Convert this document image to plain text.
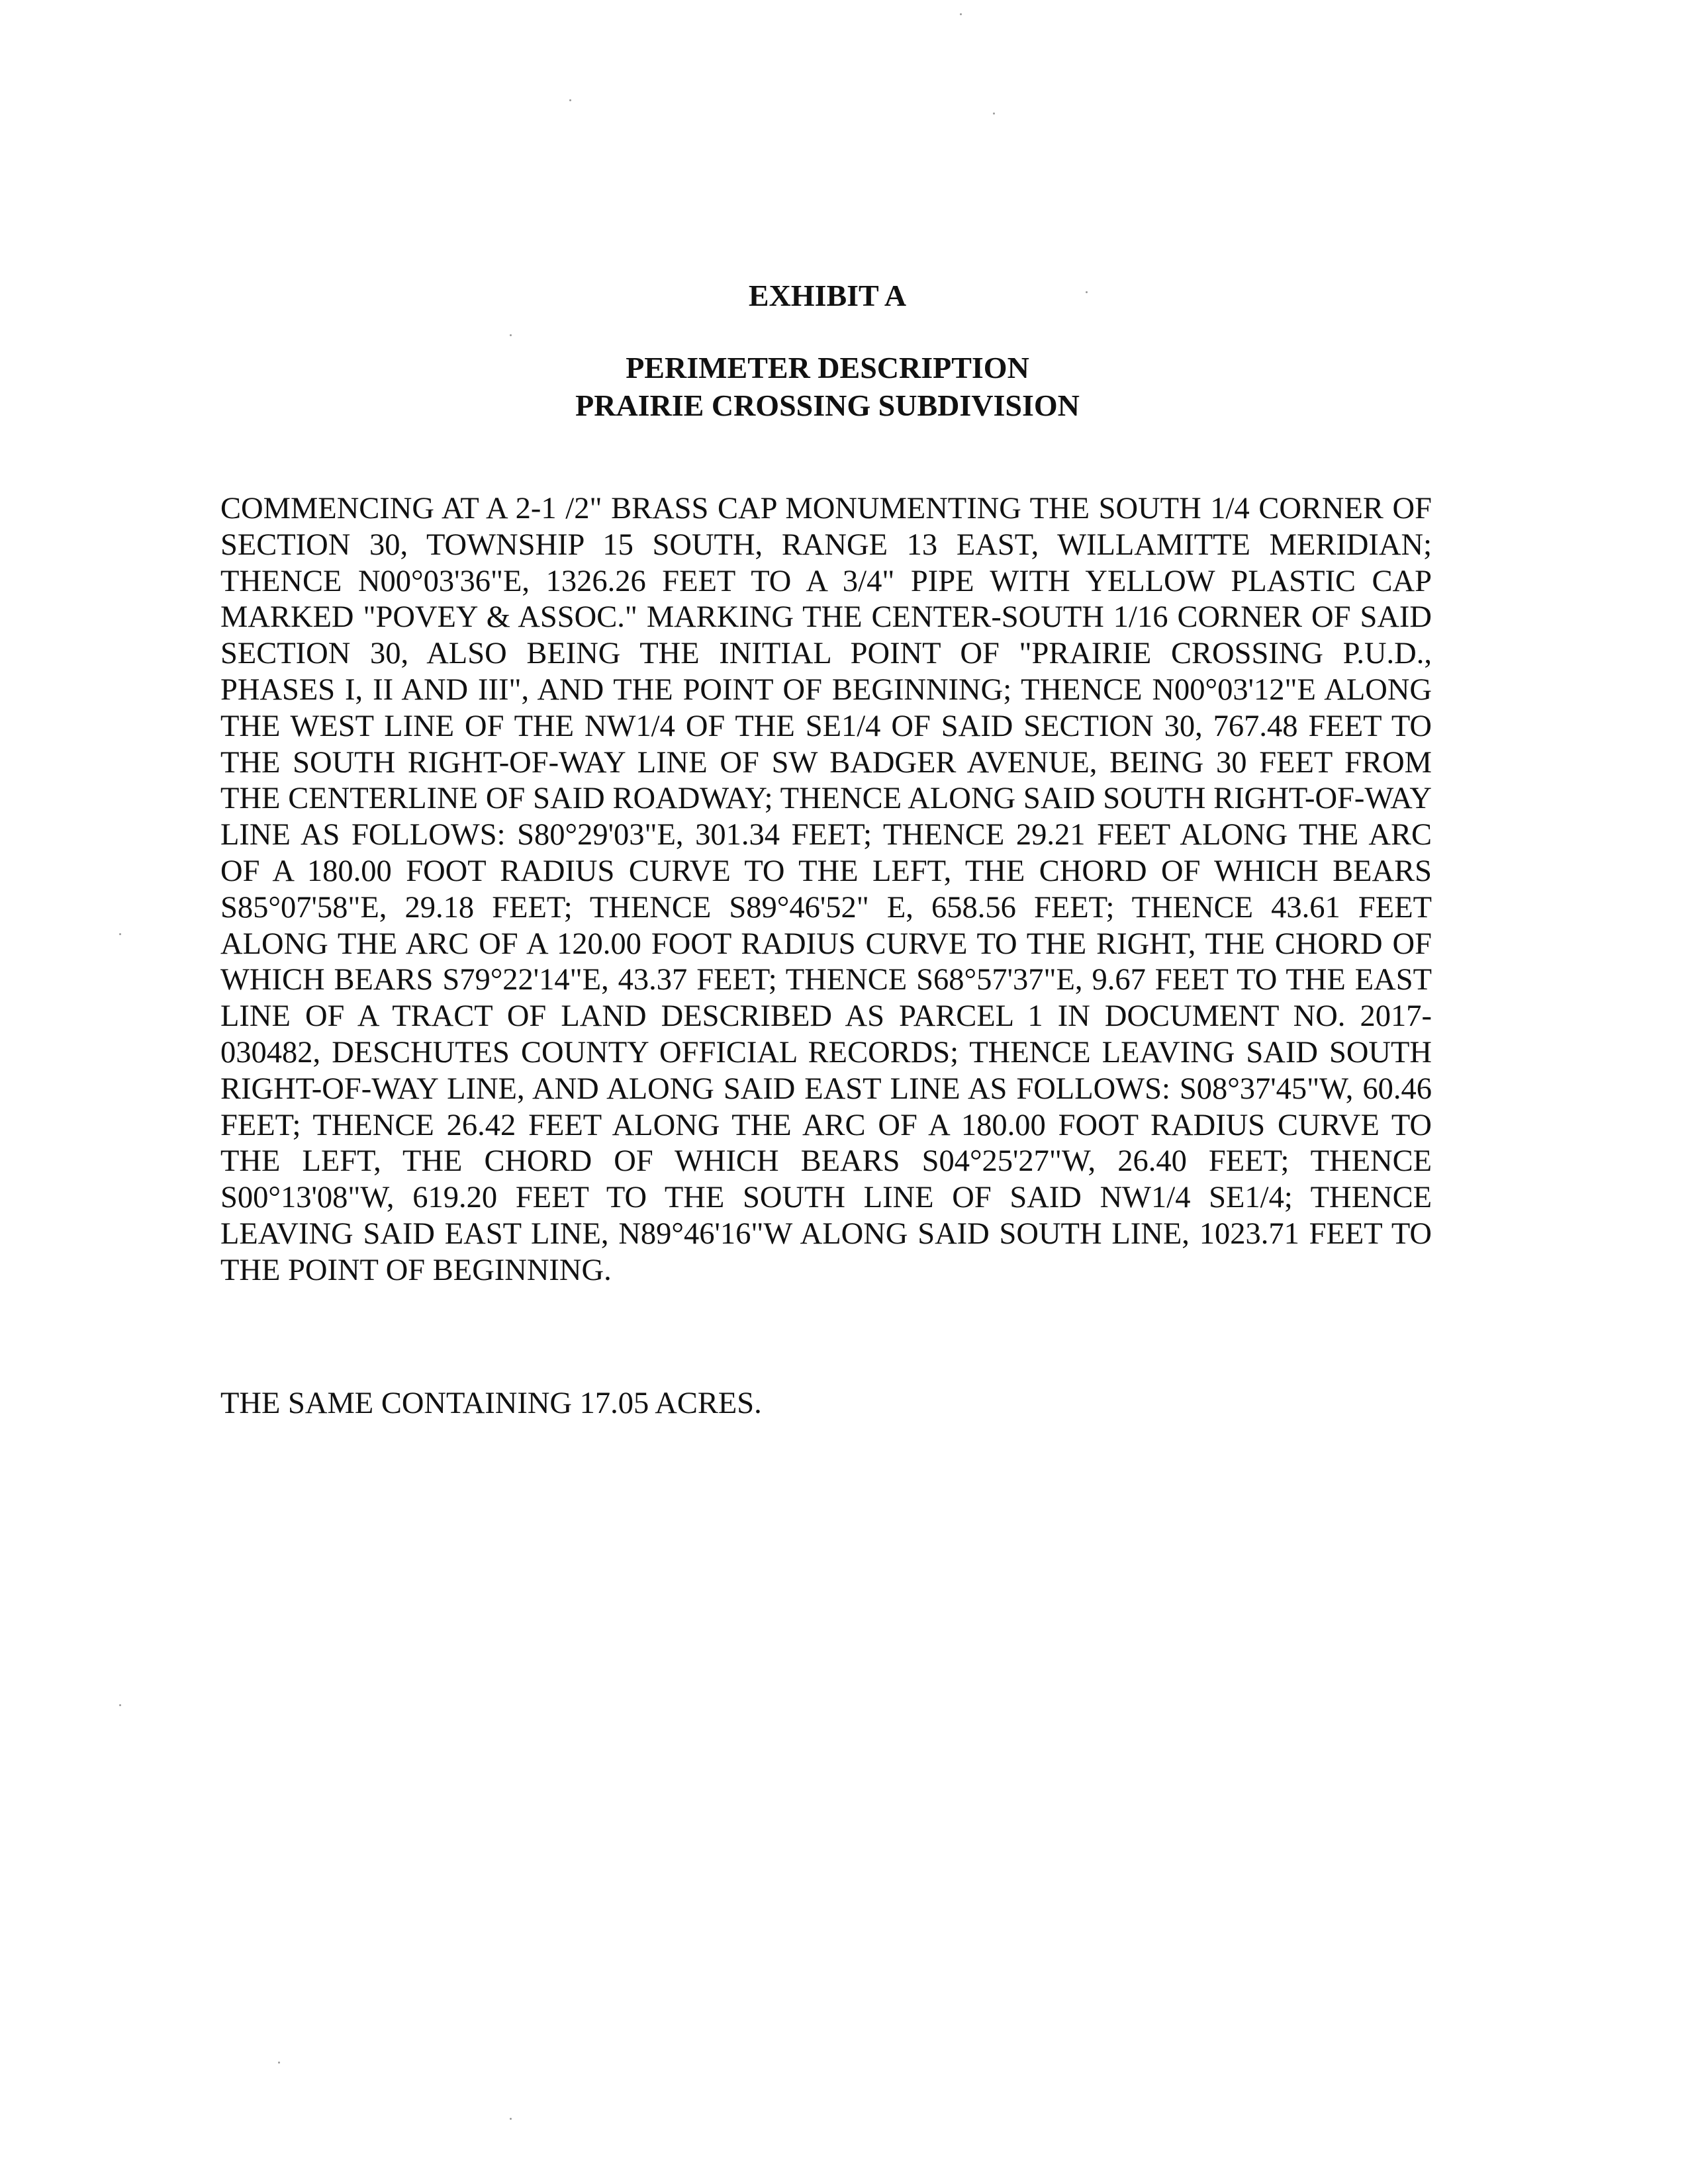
EXHIBIT A
PERIMETER DESCRIPTION
PRAIRIE CROSSING SUBDIVISION

COMMENCING AT A 2-1 /2" BRASS CAP MONUMENTING THE SOUTH 1/4 CORNER OF SECTION 30, TOWNSHIP 15 SOUTH, RANGE 13 EAST, WILLAMITTE MERIDIAN; THENCE N00°03'36"E, 1326.26 FEET TO A 3/4" PIPE WITH YELLOW PLASTIC CAP MARKED "POVEY & ASSOC." MARKING THE CENTER-SOUTH 1/16 CORNER OF SAID SECTION 30, ALSO BEING THE INITIAL POINT OF "PRAIRIE CROSSING P.U.D., PHASES I, II AND III", AND THE POINT OF BEGINNING; THENCE N00°03'12"E ALONG THE WEST LINE OF THE NW1/4 OF THE SE1/4 OF SAID SECTION 30, 767.48 FEET TO THE SOUTH RIGHT-OF-WAY LINE OF SW BADGER AVENUE, BEING 30 FEET FROM THE CENTERLINE OF SAID ROADWAY; THENCE ALONG SAID SOUTH RIGHT-OF-WAY LINE AS FOLLOWS: S80°29'03"E, 301.34 FEET; THENCE 29.21 FEET ALONG THE ARC OF A 180.00 FOOT RADIUS CURVE TO THE LEFT, THE CHORD OF WHICH BEARS S85°07'58"E, 29.18 FEET; THENCE S89°46'52" E, 658.56 FEET; THENCE 43.61 FEET ALONG THE ARC OF A 120.00 FOOT RADIUS CURVE TO THE RIGHT, THE CHORD OF WHICH BEARS S79°22'14"E, 43.37 FEET; THENCE S68°57'37"E, 9.67 FEET TO THE EAST LINE OF A TRACT OF LAND DESCRIBED AS PARCEL 1 IN DOCUMENT NO. 2017-030482, DESCHUTES COUNTY OFFICIAL RECORDS; THENCE LEAVING SAID SOUTH RIGHT-OF-WAY LINE, AND ALONG SAID EAST LINE AS FOLLOWS: S08°37'45"W, 60.46 FEET; THENCE 26.42 FEET ALONG THE ARC OF A 180.00 FOOT RADIUS CURVE TO THE LEFT, THE CHORD OF WHICH BEARS S04°25'27"W, 26.40 FEET; THENCE S00°13'08"W, 619.20 FEET TO THE SOUTH LINE OF SAID NW1/4 SE1/4; THENCE LEAVING SAID EAST LINE, N89°46'16"W ALONG SAID SOUTH LINE, 1023.71 FEET TO THE POINT OF BEGINNING.

THE SAME CONTAINING 17.05 ACRES.
